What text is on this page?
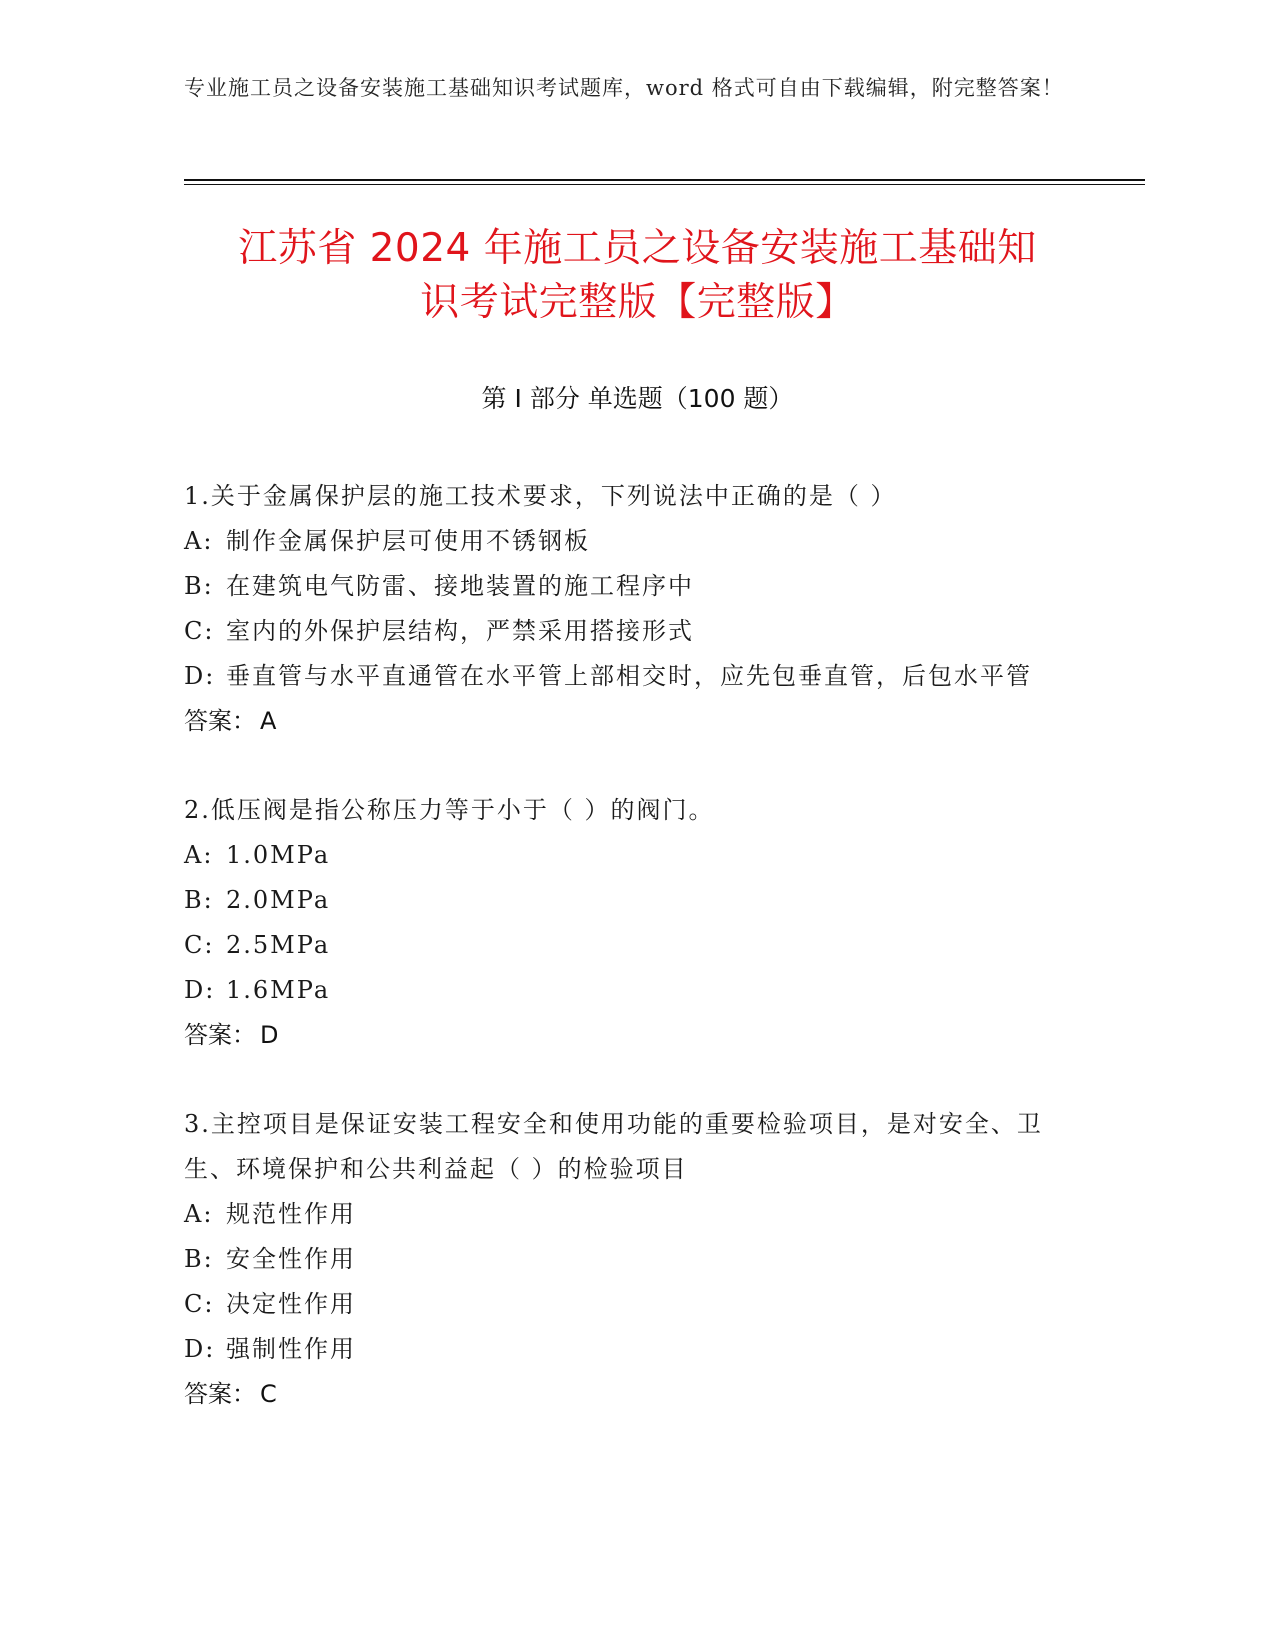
专业施工员之设备安装施工基础知识考试题库，word 格式可自由下载编辑，附完整答案！
江苏省 2024 年施工员之设备安装施工基础知
识考试完整版【完整版】
第 I 部分 单选题（100 题）
1.关于金属保护层的施工技术要求，下列说法中正确的是（ ）
A: 制作金属保护层可使用不锈钢板
B: 在建筑电气防雷、接地装置的施工程序中
C: 室内的外保护层结构，严禁采用搭接形式
D: 垂直管与水平直通管在水平管上部相交时，应先包垂直管，后包水平管
答案： A
2.低压阀是指公称压力等于小于（ ）的阀门。
A: 1.0MPa
B: 2.0MPa
C: 2.5MPa
D: 1.6MPa
答案： D
3.主控项目是保证安装工程安全和使用功能的重要检验项目，是对安全、卫生、环境保护和公共利益起（ ）的检验项目
A: 规范性作用
B: 安全性作用
C: 决定性作用
D: 强制性作用
答案： C
